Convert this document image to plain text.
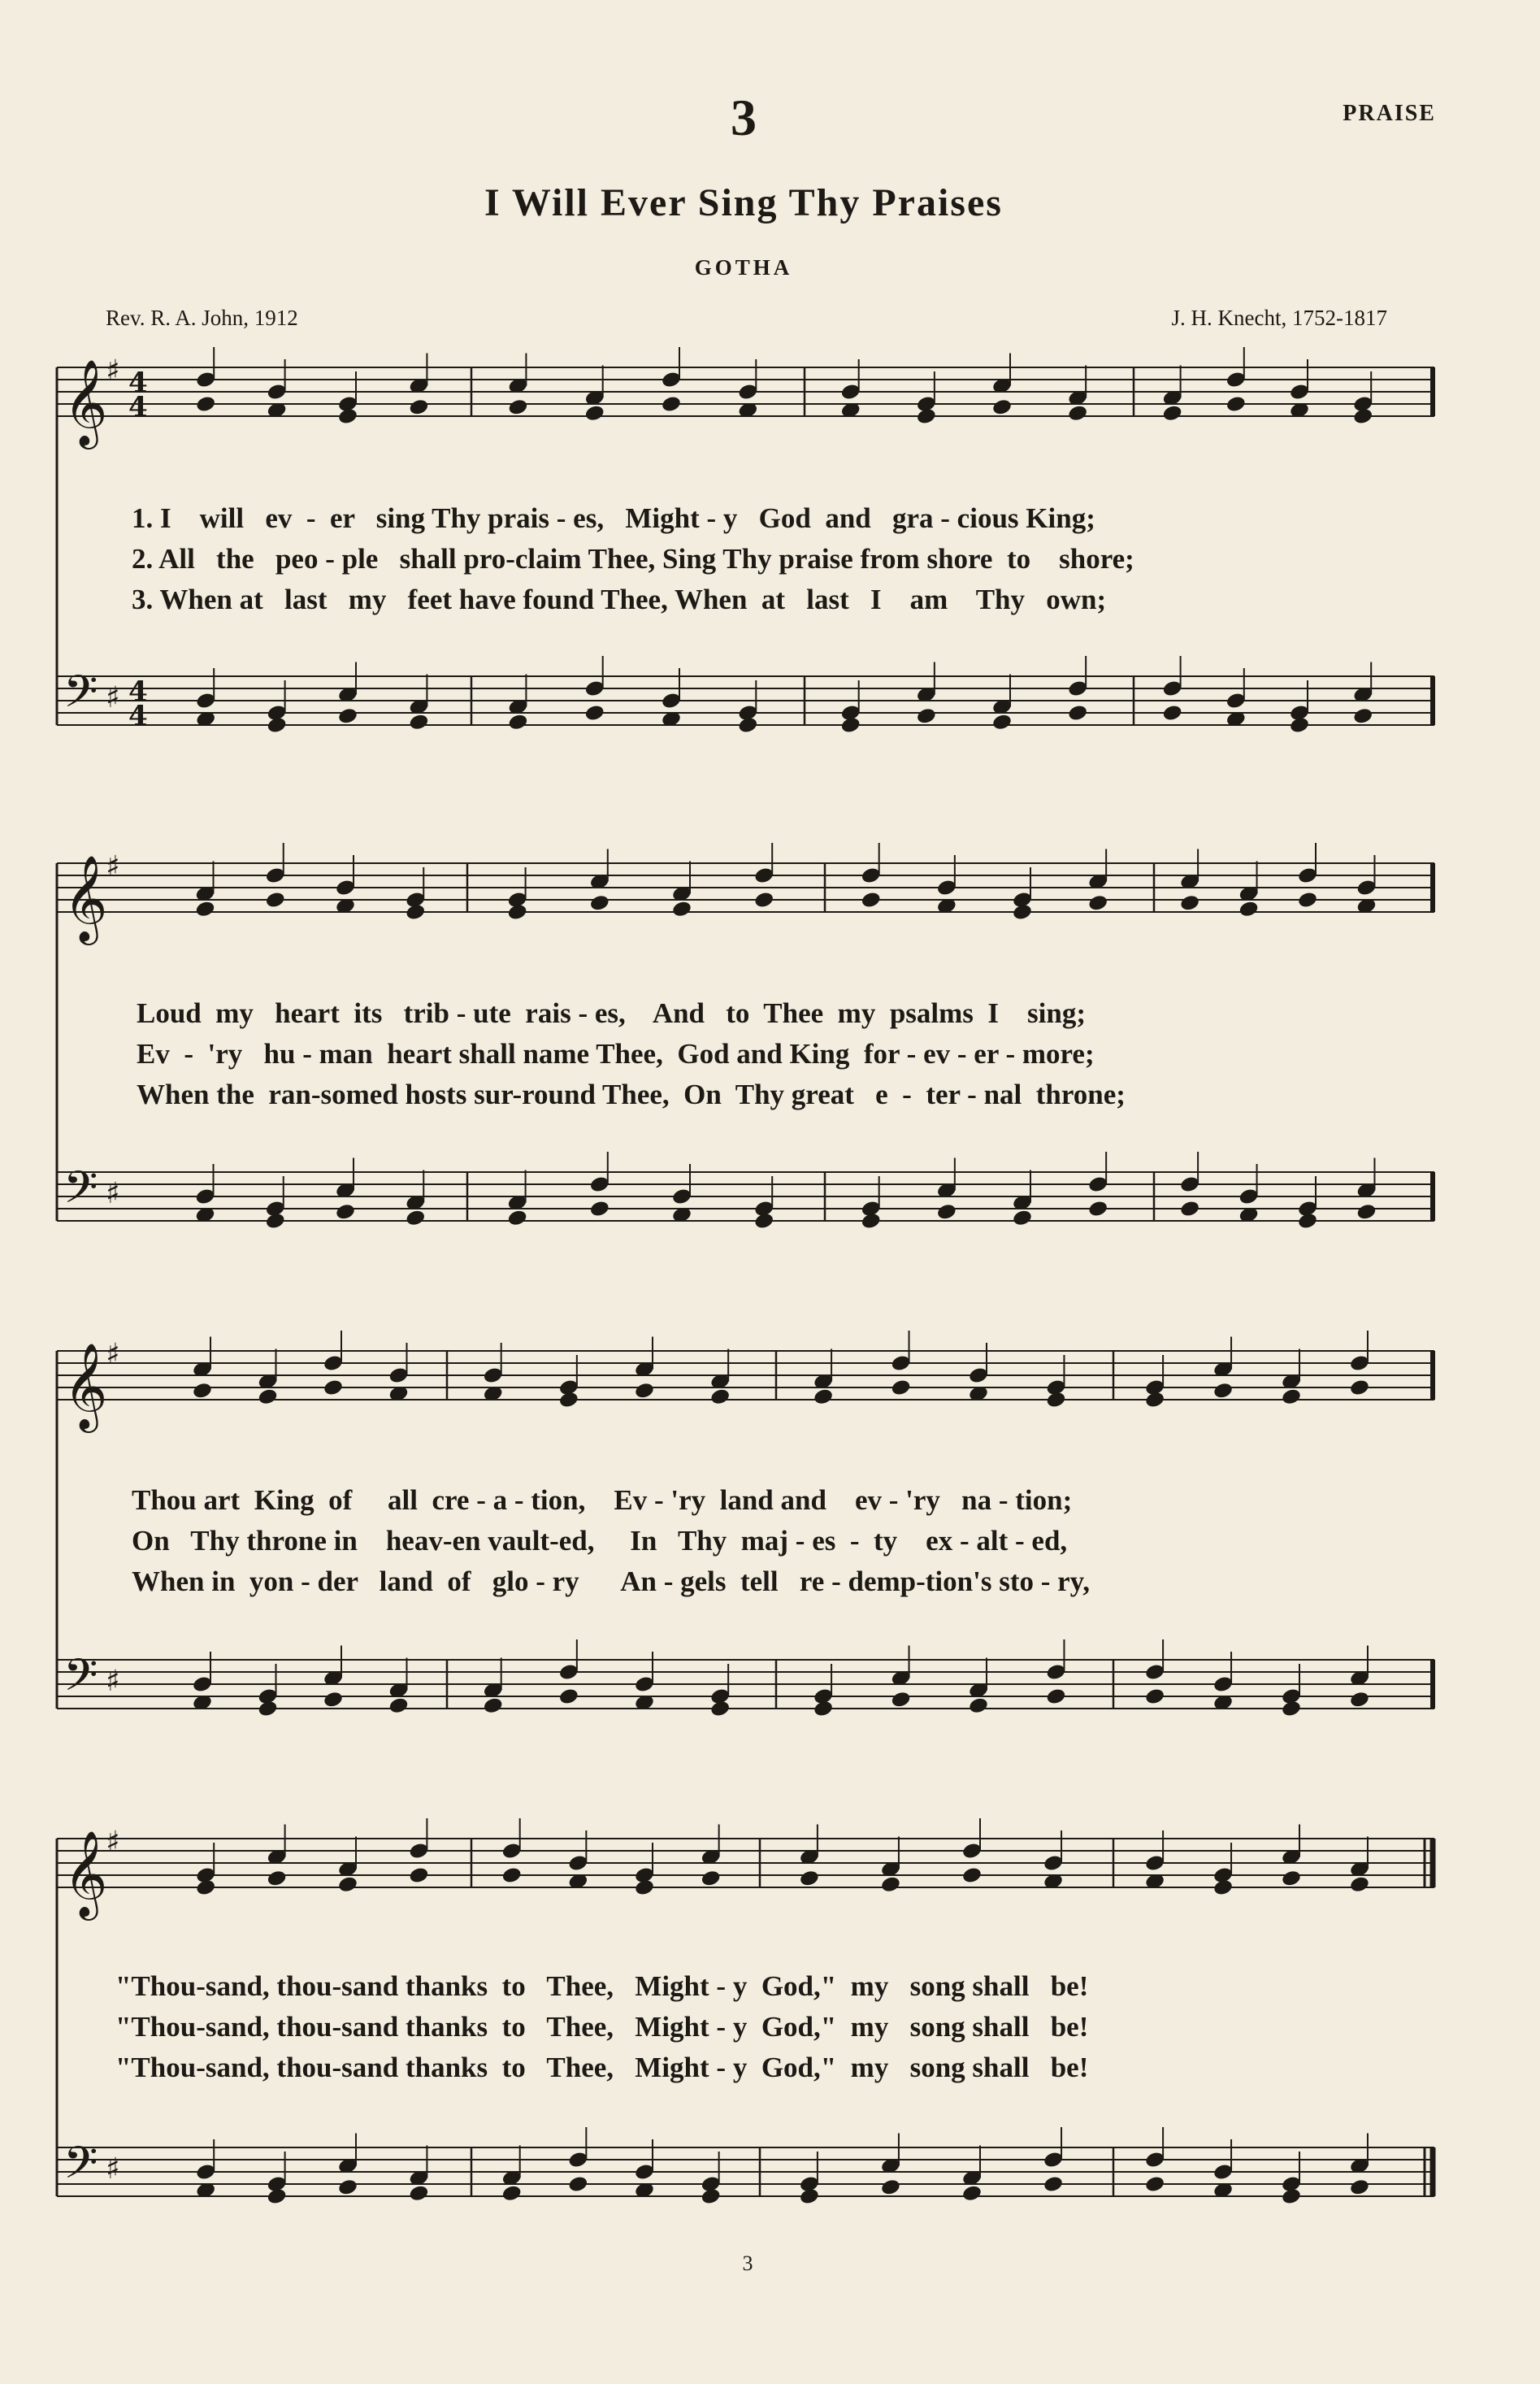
3	PRAISE
I Will Ever Sing Thy Praises
GOTHA
Rev. R. A. John, 1912	J. H. Knecht, 1752-1817
𝄞
𝄢
♯
♯
4
4
4
4
𝄞
𝄢
♯
♯
𝄞
𝄢
♯
♯
𝄞
𝄢
♯
♯
1. I    will   ev  -  er   sing Thy prais - es,   Might - y   God  and   gra - cious King;
2. All   the   peo - ple   shall pro-claim Thee, Sing Thy praise from shore  to    shore;
3. When at   last   my   feet have found Thee, When  at   last   I    am    Thy   own;
Loud  my   heart  its   trib - ute  rais - es,    And   to  Thee  my  psalms  I    sing;
Ev  -  'ry   hu - man  heart shall name Thee,  God and King  for - ev - er - more;
When the  ran-somed hosts sur-round Thee,  On  Thy great   e  -  ter - nal  throne;
Thou art  King  of     all  cre - a - tion,    Ev - 'ry  land and    ev - 'ry   na - tion;
On   Thy throne in    heav-en vault-ed,     In   Thy  maj - es  -  ty    ex - alt - ed,
When in  yon - der   land  of   glo - ry      An - gels  tell   re - demp-tion's sto - ry,
"Thou-sand, thou-sand thanks  to   Thee,   Might - y  God,"  my   song shall   be!
"Thou-sand, thou-sand thanks  to   Thee,   Might - y  God,"  my   song shall   be!
"Thou-sand, thou-sand thanks  to   Thee,   Might - y  God,"  my   song shall   be!
3
